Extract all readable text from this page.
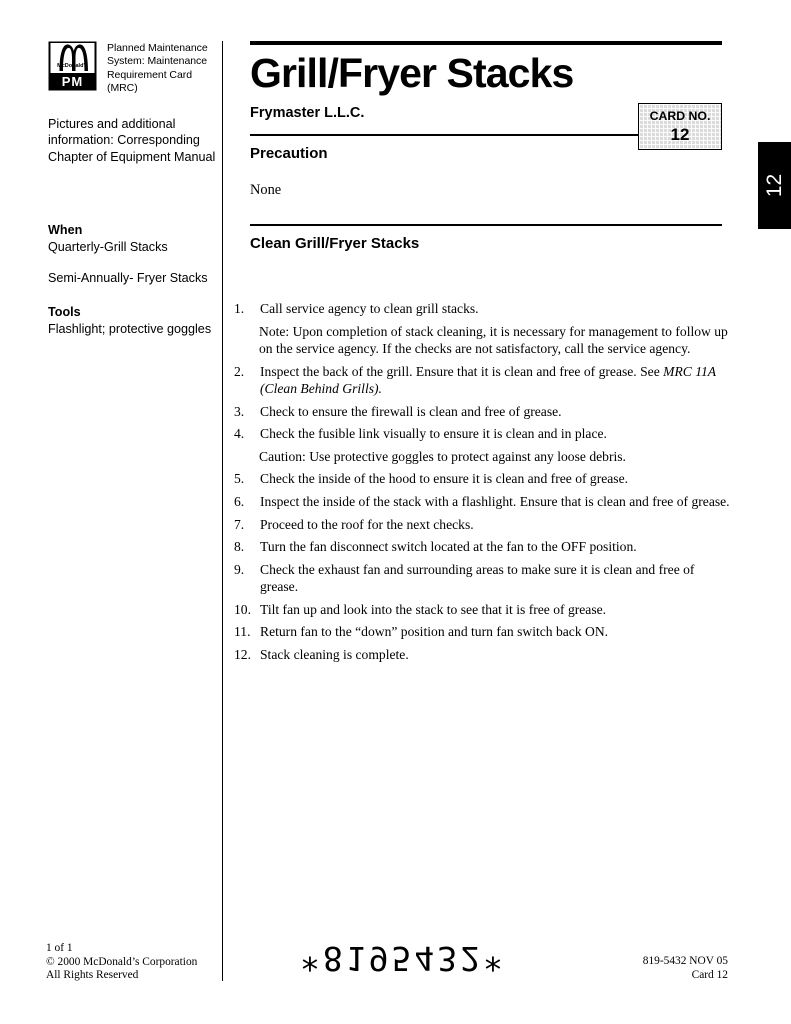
McDonald's
PM
Planned Maintenance System: Maintenance Requirement Card (MRC)
Pictures and additional information: Corresponding Chapter of Equipment Manual
When
Quarterly-Grill Stacks
Semi-Annually- Fryer Stacks
Tools
Flashlight; protective goggles
Grill/Fryer Stacks
Frymaster L.L.C.	CARD NO.
12
Precaution
None
Clean Grill/Fryer Stacks
1.	Call service agency to clean grill stacks.
Note: Upon completion of stack cleaning, it is necessary for management to follow up on the service agency. If the checks are not satisfactory, call the service agency.
2.	Inspect the back of the grill. Ensure that it is clean and free of grease. See MRC 11A (Clean Behind Grills).
3.	Check to ensure the firewall is clean and free of grease.
4.	Check the fusible link visually to ensure it is clean and in place.
Caution: Use protective goggles to protect against any loose debris.
5.	Check the inside of the hood to ensure it is clean and free of grease.
6.	Inspect the inside of the stack with a flashlight. Ensure that is clean and free of grease.
7.	Proceed to the roof for the next checks.
8.	Turn the fan disconnect switch located at the fan to the OFF position.
9.	Check the exhaust fan and surrounding areas to make sure it is clean and free of grease.
10. Tilt fan up and look into the stack to see that it is free of grease.
11. Return fan to the “down” position and turn fan switch back ON.
12. Stack cleaning is complete.
12
1 of 1
© 2000 McDonald’s Corporation
All Rights Reserved	*8195432*	819-5432 NOV 05
Card 12
